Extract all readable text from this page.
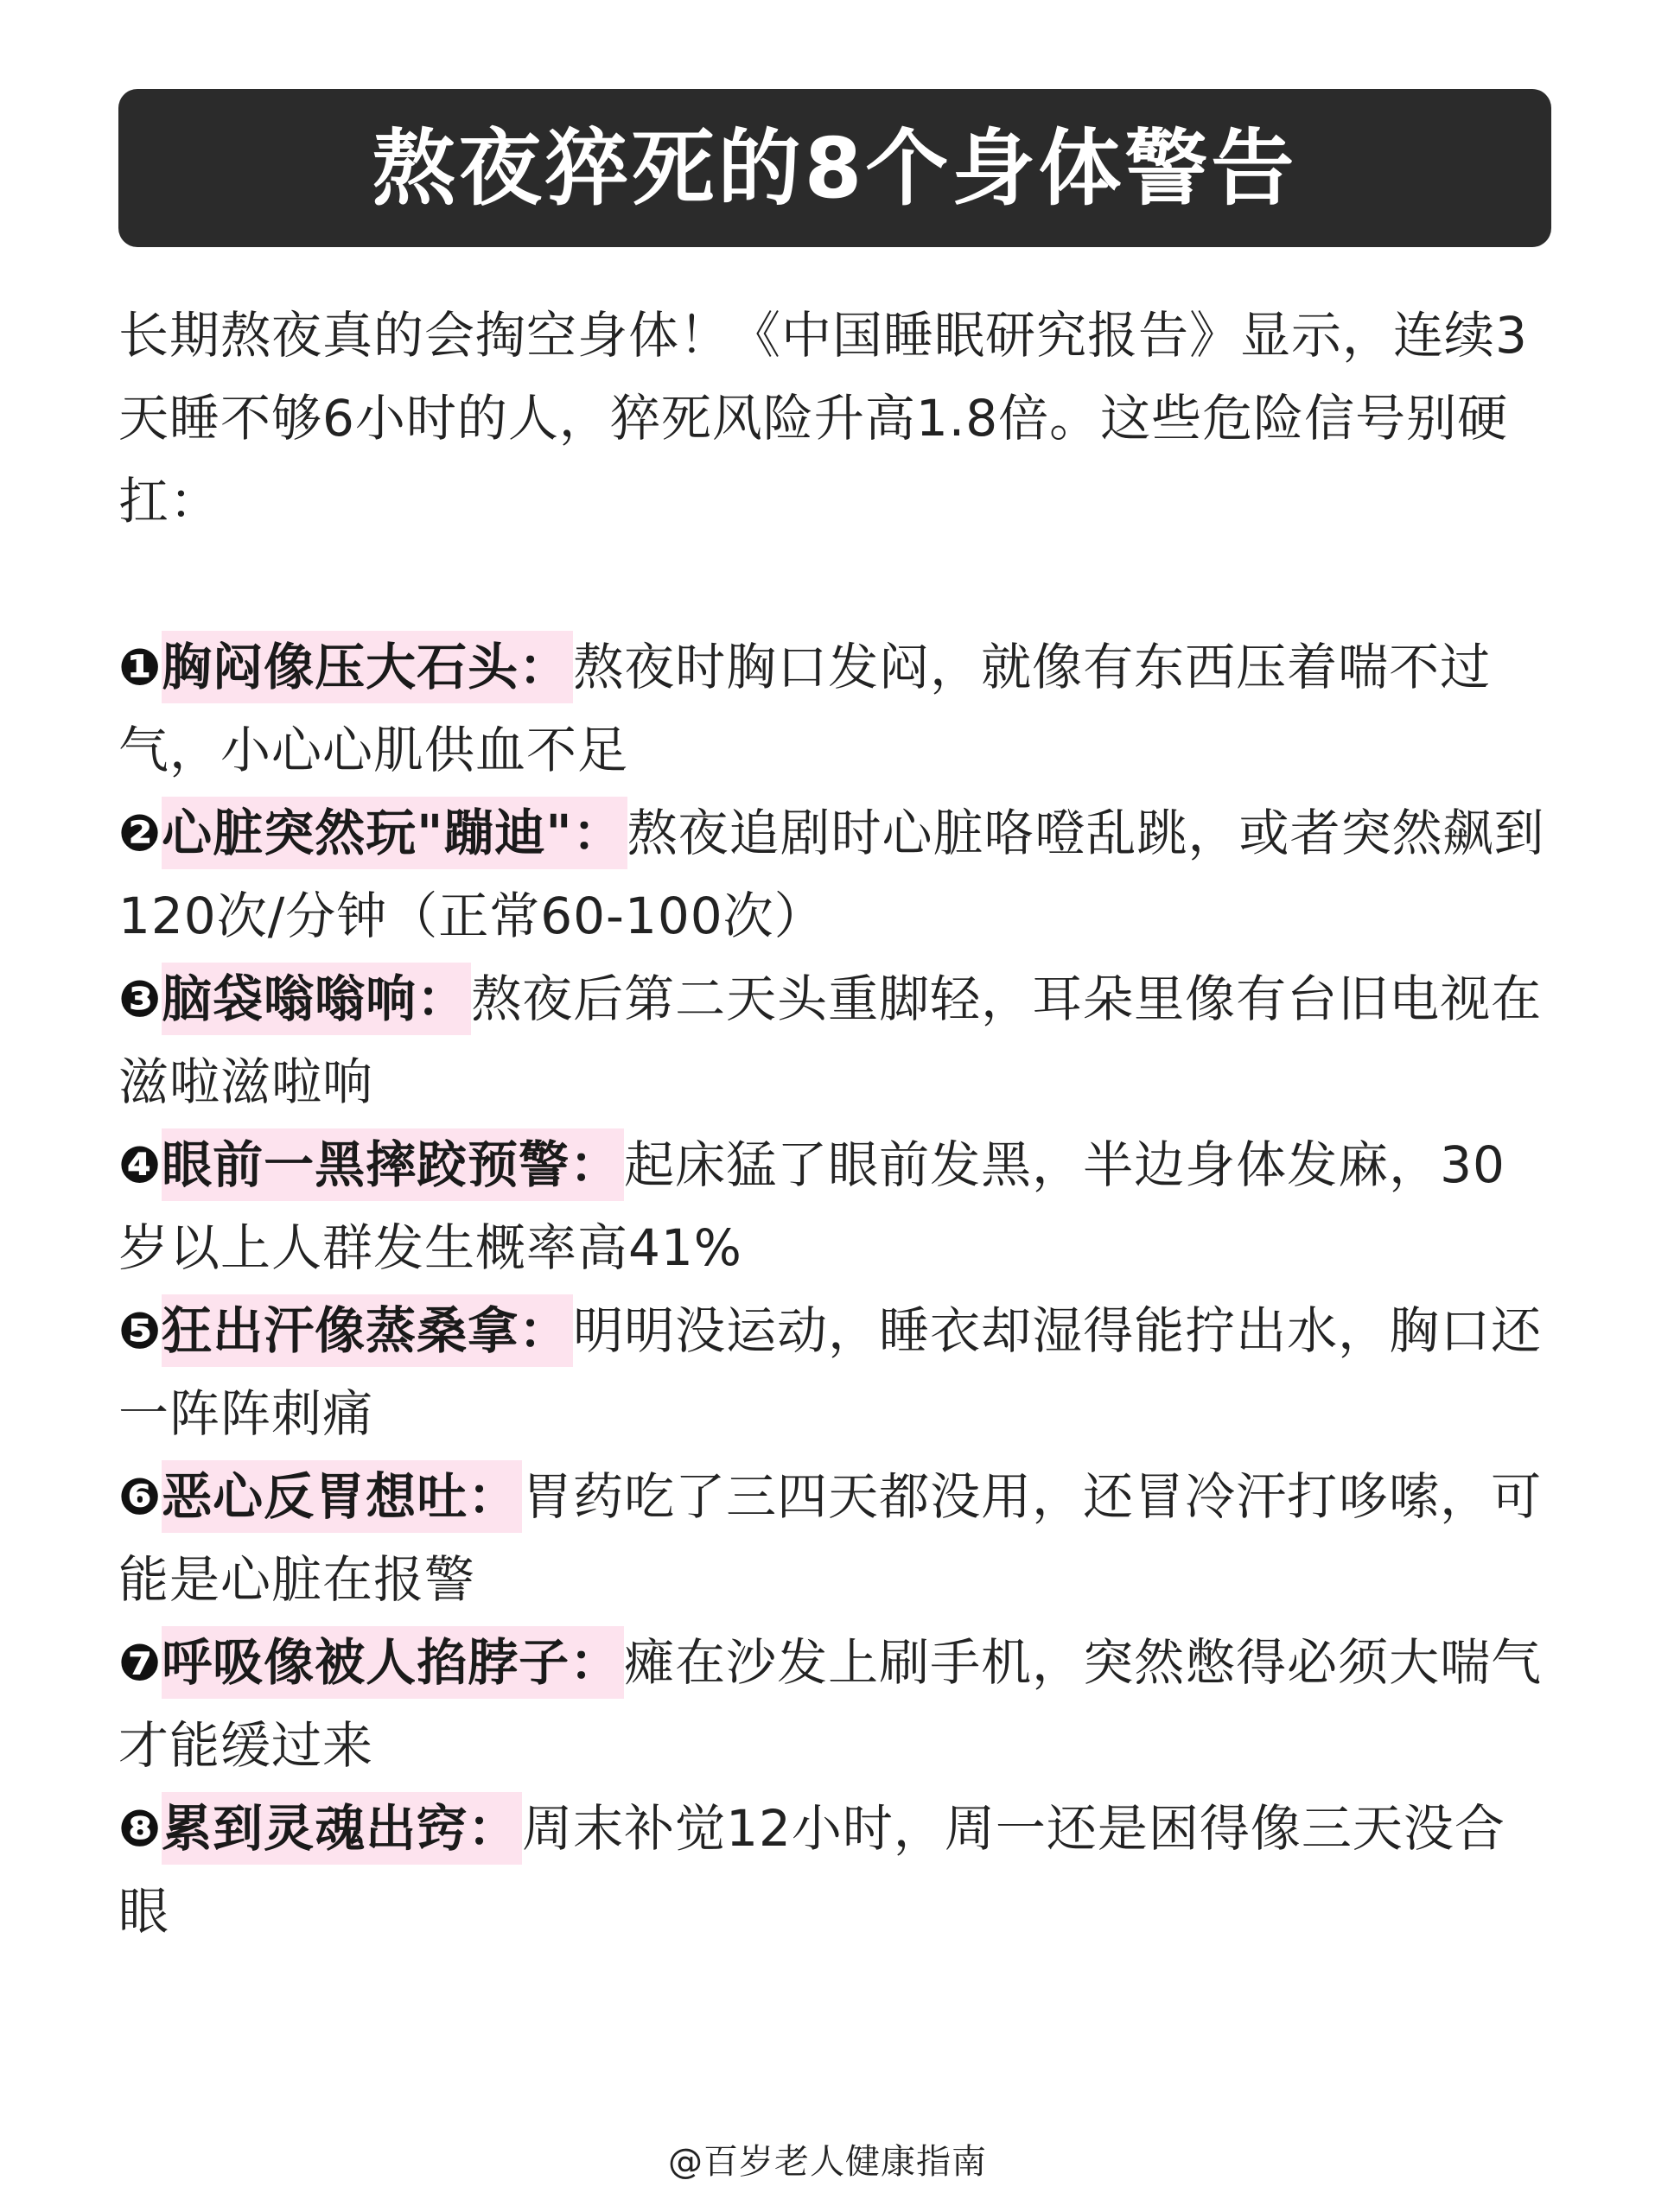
熬夜猝死的8个身体警告

长期熬夜真的会掏空身体！《中国睡眠研究报告》显示，连续3天睡不够6小时的人，猝死风险升高1.8倍。这些危险信号别硬扛：

❶胸闷像压大石头：熬夜时胸口发闷，就像有东西压着喘不过气，小心心肌供血不足

❷心脏突然玩"蹦迪"：熬夜追剧时心脏咯噔乱跳，或者突然飙到120次/分钟（正常60-100次）

❸脑袋嗡嗡响：熬夜后第二天头重脚轻，耳朵里像有台旧电视在滋啦滋啦响

❹眼前一黑摔跤预警：起床猛了眼前发黑，半边身体发麻，30岁以上人群发生概率高41%

❺狂出汗像蒸桑拿：明明没运动，睡衣却湿得能拧出水，胸口还一阵阵刺痛

❻恶心反胃想吐：胃药吃了三四天都没用，还冒冷汗打哆嗦，可能是心脏在报警

❼呼吸像被人掐脖子：瘫在沙发上刷手机，突然憋得必须大喘气才能缓过来

❽累到灵魂出窍：周末补觉12小时，周一还是困得像三天没合眼

@百岁老人健康指南
